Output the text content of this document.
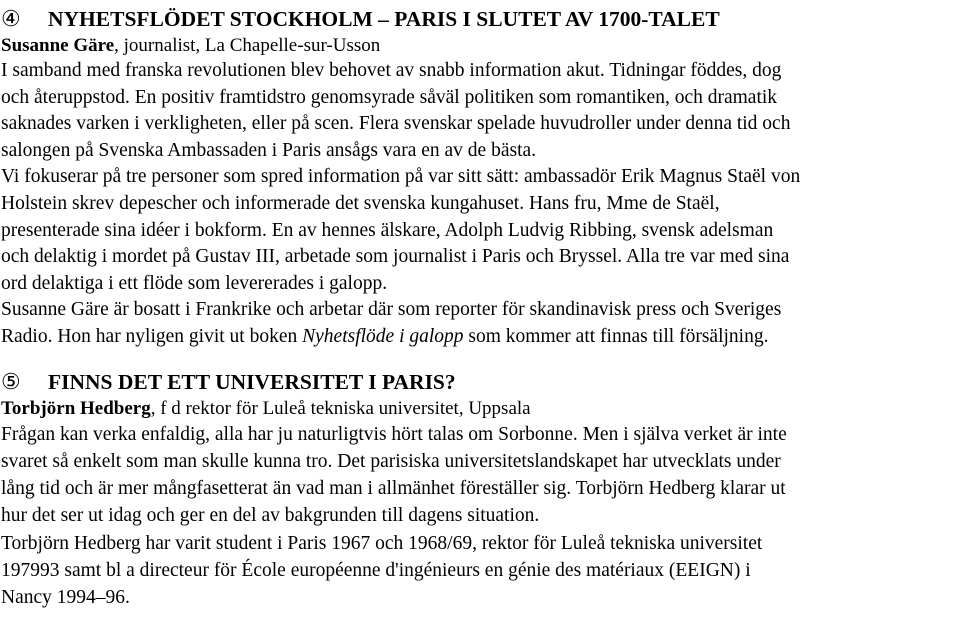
④	NYHETSFLÖDET STOCKHOLM – PARIS I SLUTET AV 1700-TALET

Susanne Gäre, journalist, La Chapelle-sur-Usson

I samband med franska revolutionen blev behovet av snabb information akut. Tidningar föddes, dog

och återuppstod. En positiv framtidstro genomsyrade såväl politiken som romantiken, och dramatik

saknades varken i verkligheten, eller på scen. Flera svenskar spelade huvudroller under denna tid och

salongen på Svenska Ambassaden i Paris ansågs vara en av de bästa.

Vi fokuserar på tre personer som spred information på var sitt sätt: ambassadör Erik Magnus Staël von

Holstein skrev depescher och informerade det svenska kungahuset. Hans fru, Mme de Staël,

presenterade sina idéer i bokform. En av hennes älskare, Adolph Ludvig Ribbing, svensk adelsman

och delaktig i mordet på Gustav III, arbetade som journalist i Paris och Bryssel. Alla tre var med sina

ord delaktiga i ett flöde som levererades i galopp.

Susanne Gäre är bosatt i Frankrike och arbetar där som reporter för skandinavisk press och Sveriges

Radio. Hon har nyligen givit ut boken Nyhetsflöde i galopp som kommer att finnas till försäljning.

⑤	FINNS DET ETT UNIVERSITET I PARIS?

Torbjörn Hedberg, f d rektor för Luleå tekniska universitet, Uppsala

Frågan kan verka enfaldig, alla har ju naturligtvis hört talas om Sorbonne. Men i själva verket är inte

svaret så enkelt som man skulle kunna tro. Det parisiska universitetslandskapet har utvecklats under

lång tid och är mer mångfasetterat än vad man i allmänhet föreställer sig. Torbjörn Hedberg klarar ut

hur det ser ut idag och ger en del av bakgrunden till dagens situation.

Torbjörn Hedberg har varit student i Paris 1967 och 1968/69, rektor för Luleå tekniska universitet

197993 samt bl a directeur för École européenne d'ingénieurs en génie des matériaux (EEIGN) i

Nancy 1994–96.
